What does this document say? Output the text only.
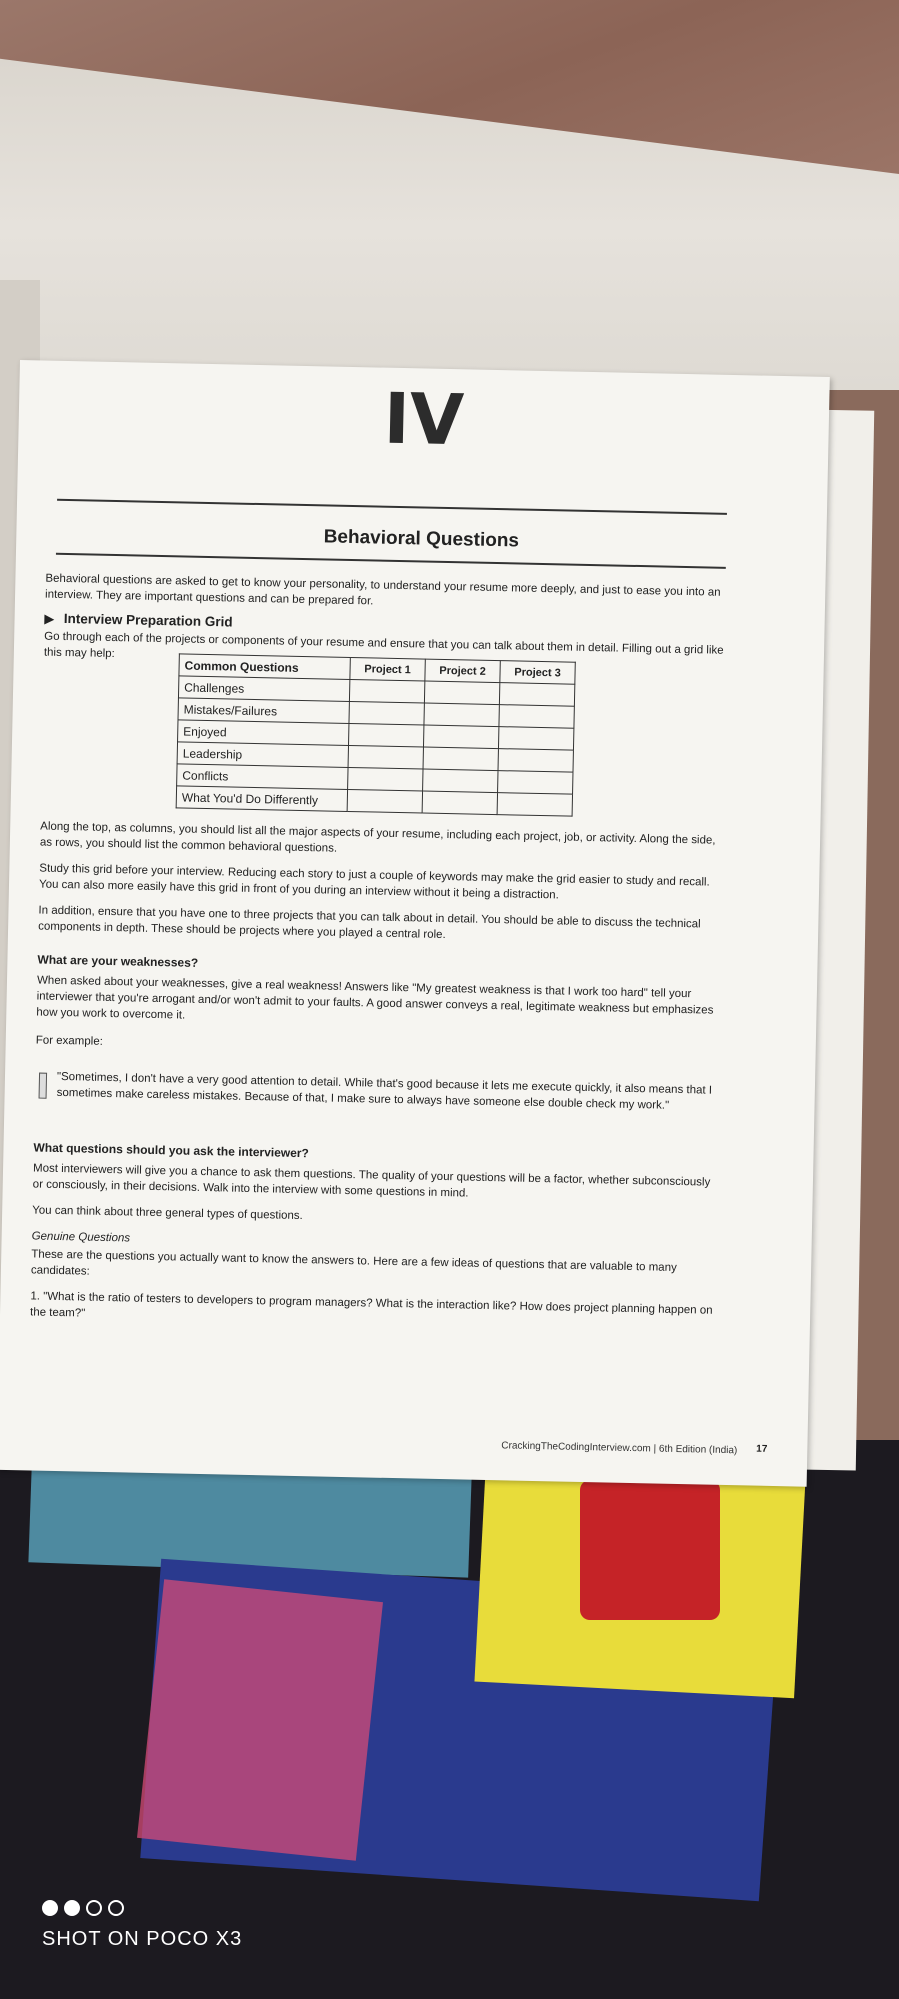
IV
Behavioral Questions
Behavioral questions are asked to get to know your personality, to understand your resume more deeply, and just to ease you into an interview. They are important questions and can be prepared for.
▶ Interview Preparation Grid
Go through each of the projects or components of your resume and ensure that you can talk about them in detail. Filling out a grid like this may help:
Common Questions	Project 1	Project 2	Project 3
Challenges			
Mistakes/Failures			
Enjoyed			
Leadership			
Conflicts			
What You'd Do Differently			
Along the top, as columns, you should list all the major aspects of your resume, including each project, job, or activity. Along the side, as rows, you should list the common behavioral questions.
Study this grid before your interview. Reducing each story to just a couple of keywords may make the grid easier to study and recall. You can also more easily have this grid in front of you during an interview without it being a distraction.
In addition, ensure that you have one to three projects that you can talk about in detail. You should be able to discuss the technical components in depth. These should be projects where you played a central role.
What are your weaknesses?
When asked about your weaknesses, give a real weakness! Answers like "My greatest weakness is that I work too hard" tell your interviewer that you're arrogant and/or won't admit to your faults. A good answer conveys a real, legitimate weakness but emphasizes how you work to overcome it.
For example:
"Sometimes, I don't have a very good attention to detail. While that's good because it lets me execute quickly, it also means that I sometimes make careless mistakes. Because of that, I make sure to always have someone else double check my work."
What questions should you ask the interviewer?
Most interviewers will give you a chance to ask them questions. The quality of your questions will be a factor, whether subconsciously or consciously, in their decisions. Walk into the interview with some questions in mind.
You can think about three general types of questions.
Genuine Questions
These are the questions you actually want to know the answers to. Here are a few ideas of questions that are valuable to many candidates:
1. "What is the ratio of testers to developers to program managers? What is the interaction like? How does project planning happen on the team?"
CrackingTheCodingInterview.com | 6th Edition (India) 17
SHOT ON POCO X3
